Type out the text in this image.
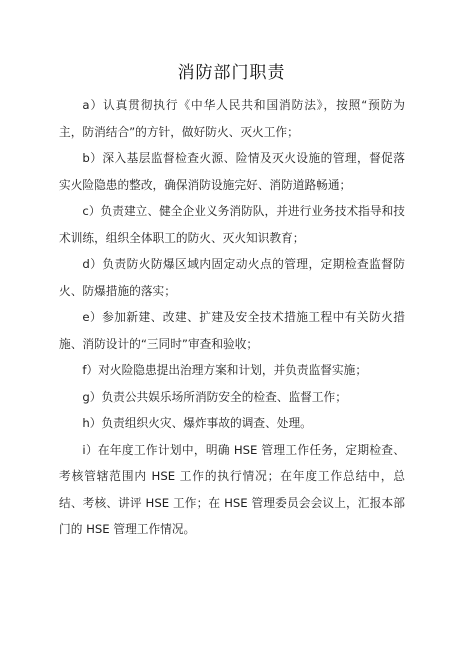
消防部门职责

a）认真贯彻执行《中华人民共和国消防法》，按照“预防为主，防消结合”的方针，做好防火、灭火工作；

b）深入基层监督检查火源、险情及灭火设施的管理，督促落实火险隐患的整改，确保消防设施完好、消防道路畅通；

c）负责建立、健全企业义务消防队，并进行业务技术指导和技术训练，组织全体职工的防火、灭火知识教育；

d）负责防火防爆区域内固定动火点的管理，定期检查监督防火、防爆措施的落实；

e）参加新建、改建、扩建及安全技术措施工程中有关防火措施、消防设计的“三同时”审查和验收；

f）对火险隐患提出治理方案和计划，并负责监督实施；

g）负责公共娱乐场所消防安全的检查、监督工作；

h）负责组织火灾、爆炸事故的调查、处理。

i）在年度工作计划中，明确 HSE 管理工作任务，定期检查、考核管辖范围内 HSE 工作的执行情况；在年度工作总结中，总结、考核、讲评 HSE 工作；在 HSE 管理委员会会议上，汇报本部门的 HSE 管理工作情况。
